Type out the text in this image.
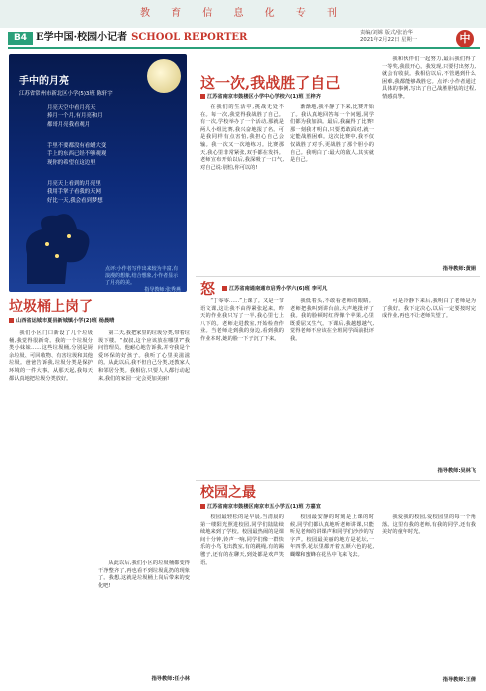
教 育 信 息 化 专 刊
B4 E学中国·校园小记者 SCHOOL REPORTER	责编/刘嫦 版式/张治华
2021年2月22日 星期一	中
手中的月亮
江苏省常州市新北区小学(5)3班 陈轩宇
月亮天空中看月亮天
捧月一个月,有月亮和月
都哥月亮我看观月
手里不要都没有看蜡大变
手上的东西已经不够观观
现你的希望在这边里
月亮天上看到的月亮里
我用手掌子看我的天网
好比一天,我会看到梦想
点评:小作者写作出来较为丰富,有浪漫的想象,结合想象,小作者显示了月亮的美。
指导教师:张秀燕
这一次,我战胜了自己
江苏省南京市鼓楼区小学中心学校六(1)班 王梓齐
在我们的生活中,挑战无处不在。每一次,我觉得我战胜了自己。有一次,学校举办了一个活动,那就是两人小组比赛,我兴奋地报了名。可是我同样有点害怕,我担心自己会输。我一次又一次地练习。比赛那天,我心里非常紧张,双手都在发抖。老师宣布开始以后,我深吸了一口气,对自己说:别怕,你可以的!
渐渐地,我平静了下来,比赛开始了。我认真地回答每一个问题,同学们都为我加油。最后,我赢得了比赛!那一刻我才明白,只要勇敢面对,就一定能战胜困难。这次比赛中,我不仅仅战胜了对手,更战胜了那个胆小的自己。我明白了:最大的敌人,其实就是自己。
我和伙伴们一起努力,最后我们得了一等奖,我很开心。我发现,只要付出努力,就会有收获。我相信以后,不管遇到什么困难,我都能够战胜它。点评:小作者通过具体的事例,写出了自己战胜胆怯的过程,情感真挚。
指导教师:黄娟
垃圾桶上岗了
山西省运城市夏县新城镇小学(2)班 杨晨晴
我们小区门口新设了几个垃圾桶,我觉得很新奇。我的一个垃圾分类小妹妹……这些垃圾桶,分别是厨余垃圾、可回收物、有害垃圾和其他垃圾。爸爸告诉我,垃圾分类是保护环境的一件大事。从那天起,我每天都认真地把垃圾分类放好。
第二天,我把家里的垃圾分类,带着垃圾下楼。“叔叔,这个应该放在哪里?”我问管理员。他耐心地告诉我,并夸我是个爱环保的好孩子。我听了心里美滋滋的。从此以后,我不但自己分类,还教家人和邻居分类。我相信,只要人人都行动起来,我们的家园一定会更加美丽!
从此以后,我们小区的垃圾桶都变得干净整齐了,再也看不到垃圾乱扔的现象了。我想,这就是垃圾桶上岗后带来的变化吧!
指导教师:任小林
怒	江苏省南通南通市启秀小学六(6)班 李可凡
“丁零零……”上课了。又是一节语文课,这让我不由得紧张起来。昨天的作业我只写了一半,我心里七上八下的。老师走进教室,开始检查作业。当老师走到我的身边,看到我的作业本时,她的脸一下子沉了下来。
我低着头,不敢看老师的眼睛。老师把我叫到讲台前,大声地批评了我。我的脸顿时红得像个苹果,心里既委屈又生气。下课后,我越想越气,觉得老师不应该在全班同学面前批评我。
可是冷静下来后,我明白了老师是为了我好。我下定决心,以后一定要按时完成作业,再也不让老师失望了。
指导教师:吴林飞
校园之最
江苏省南京市鼓楼区南京市五小学五(1)班 方嘉宜
校园最轻松的是早晨,当清晨的第一缕阳光照进校园,同学们陆陆续续地来到了学校。校园最热闹的是课间十分钟,铃声一响,同学们像一群快乐的小鸟飞出教室,有的跳绳,有的踢毽子,还有的在聊天,到处都是欢声笑语。
校园最安静的时刻是上课的时候,同学们都认真地听老师讲课,只能听见老师的讲课声和同学们沙沙的写字声。校园最美丽的地方是花坛,一年四季,花坛里都开着五颜六色的花,蝴蝶和蜜蜂在花丛中飞来飞去。
我爱我的校园,爱校园里的每一个角落。这里有我的老师,有我的同学,还有我美好的童年时光。
指导教师:王倩
